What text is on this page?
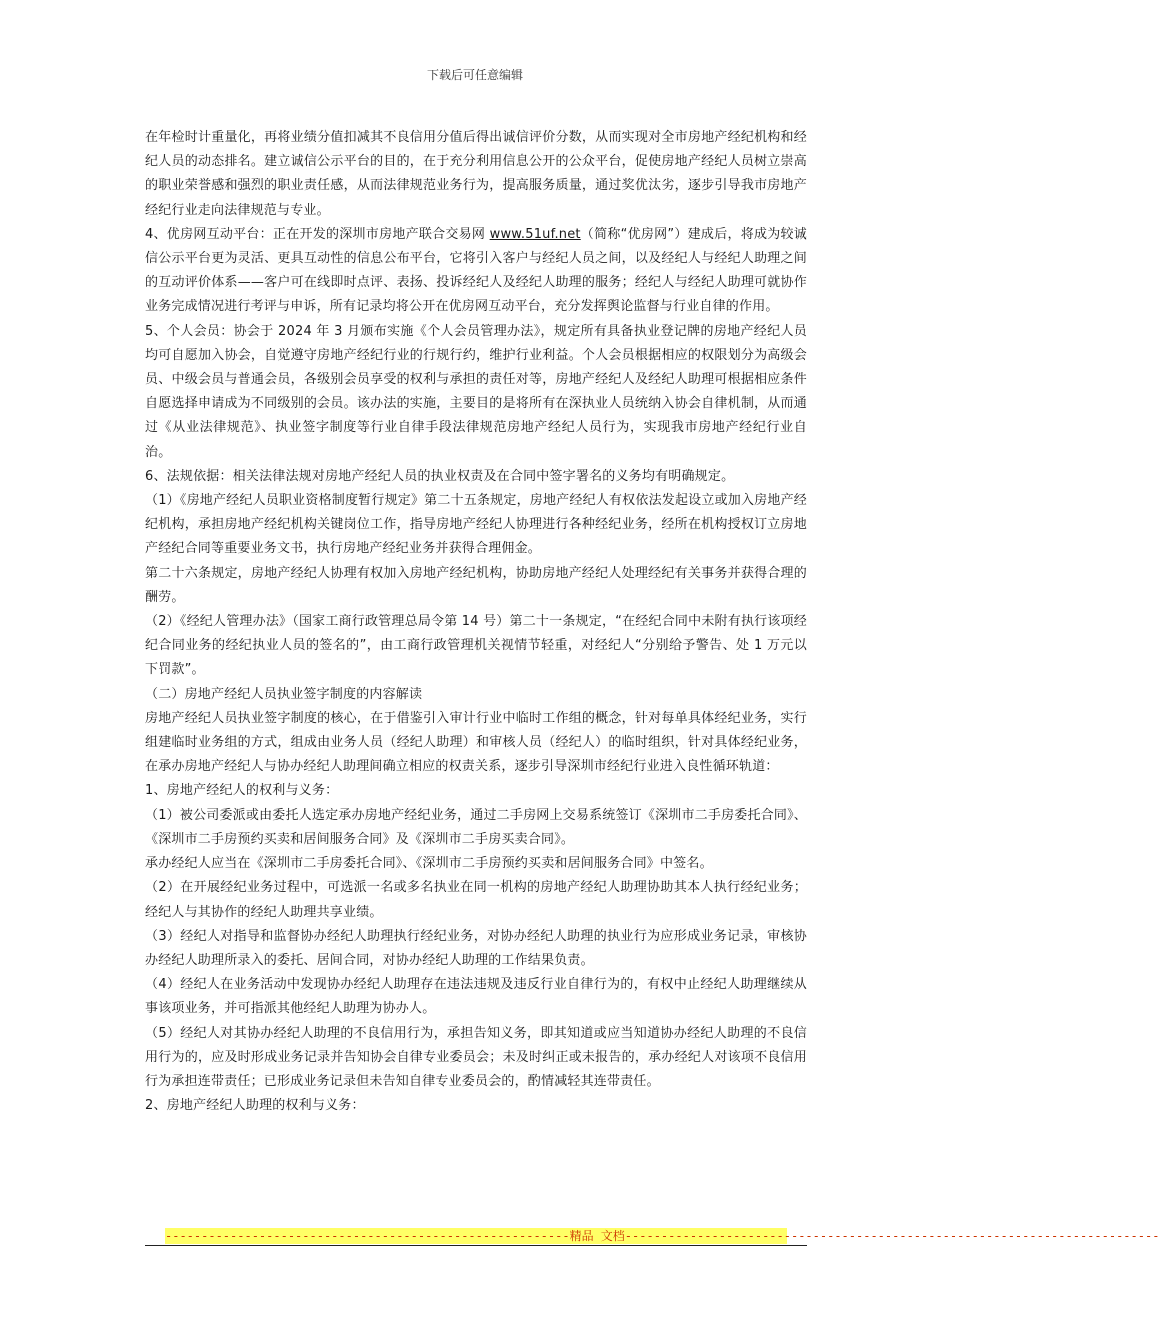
下载后可任意编辑

在年检时计重量化，再将业绩分值扣减其不良信用分值后得出诚信评价分数，从而实现对全市房地产经纪机构和经纪人员的动态排名。建立诚信公示平台的目的，在于充分利用信息公开的公众平台，促使房地产经纪人员树立崇高的职业荣誉感和强烈的职业责任感，从而法律规范业务行为，提高服务质量，通过奖优汰劣，逐步引导我市房地产经纪行业走向法律规范与专业。

4、优房网互动平台：正在开发的深圳市房地产联合交易网 www.51uf.net（简称“优房网”）建成后，将成为较诚信公示平台更为灵活、更具互动性的信息公布平台，它将引入客户与经纪人员之间，以及经纪人与经纪人助理之间的互动评价体系——客户可在线即时点评、表扬、投诉经纪人及经纪人助理的服务；经纪人与经纪人助理可就协作业务完成情况进行考评与申诉，所有记录均将公开在优房网互动平台，充分发挥舆论监督与行业自律的作用。

5、个人会员：协会于 2024 年 3 月颁布实施《个人会员管理办法》，规定所有具备执业登记牌的房地产经纪人员均可自愿加入协会，自觉遵守房地产经纪行业的行规行约，维护行业利益。个人会员根据相应的权限划分为高级会员、中级会员与普通会员，各级别会员享受的权利与承担的责任对等，房地产经纪人及经纪人助理可根据相应条件自愿选择申请成为不同级别的会员。该办法的实施，主要目的是将所有在深执业人员统纳入协会自律机制，从而通过《从业法律规范》、执业签字制度等行业自律手段法律规范房地产经纪人员行为，实现我市房地产经纪行业自治。

6、法规依据：相关法律法规对房地产经纪人员的执业权责及在合同中签字署名的义务均有明确规定。

（1）《房地产经纪人员职业资格制度暂行规定》第二十五条规定，房地产经纪人有权依法发起设立或加入房地产经纪机构，承担房地产经纪机构关键岗位工作，指导房地产经纪人协理进行各种经纪业务，经所在机构授权订立房地产经纪合同等重要业务文书，执行房地产经纪业务并获得合理佣金。

第二十六条规定，房地产经纪人协理有权加入房地产经纪机构，协助房地产经纪人处理经纪有关事务并获得合理的酬劳。

（2）《经纪人管理办法》（国家工商行政管理总局令第 14 号）第二十一条规定，“在经纪合同中未附有执行该项经纪合同业务的经纪执业人员的签名的”，由工商行政管理机关视情节轻重，对经纪人“分别给予警告、处 1 万元以下罚款”。

（二）房地产经纪人员执业签字制度的内容解读

房地产经纪人员执业签字制度的核心，在于借鉴引入审计行业中临时工作组的概念，针对每单具体经纪业务，实行组建临时业务组的方式，组成由业务人员（经纪人助理）和审核人员（经纪人）的临时组织，针对具体经纪业务，在承办房地产经纪人与协办经纪人助理间确立相应的权责关系，逐步引导深圳市经纪行业进入良性循环轨道：

1、房地产经纪人的权利与义务：

（1）被公司委派或由委托人选定承办房地产经纪业务，通过二手房网上交易系统签订《深圳市二手房委托合同》、《深圳市二手房预约买卖和居间服务合同》及《深圳市二手房买卖合同》。

承办经纪人应当在《深圳市二手房委托合同》、《深圳市二手房预约买卖和居间服务合同》中签名。

（2）在开展经纪业务过程中，可选派一名或多名执业在同一机构的房地产经纪人助理协助其本人执行经纪业务；经纪人与其协作的经纪人助理共享业绩。

（3）经纪人对指导和监督协办经纪人助理执行经纪业务，对协办经纪人助理的执业行为应形成业务记录，审核协办经纪人助理所录入的委托、居间合同，对协办经纪人助理的工作结果负责。

（4）经纪人在业务活动中发现协办经纪人助理存在违法违规及违反行业自律行为的，有权中止经纪人助理继续从事该项业务，并可指派其他经纪人助理为协办人。

（5）经纪人对其协办经纪人助理的不良信用行为，承担告知义务，即其知道或应当知道协办经纪人助理的不良信用行为的，应及时形成业务记录并告知协会自律专业委员会；未及时纠正或未报告的，承办经纪人对该项不良信用行为承担连带责任；已形成业务记录但未告知自律专业委员会的，酌情减轻其连带责任。

2、房地产经纪人助理的权利与义务：

--------------------------------------------------------精品 文档--------------------------------------------------------------------------
